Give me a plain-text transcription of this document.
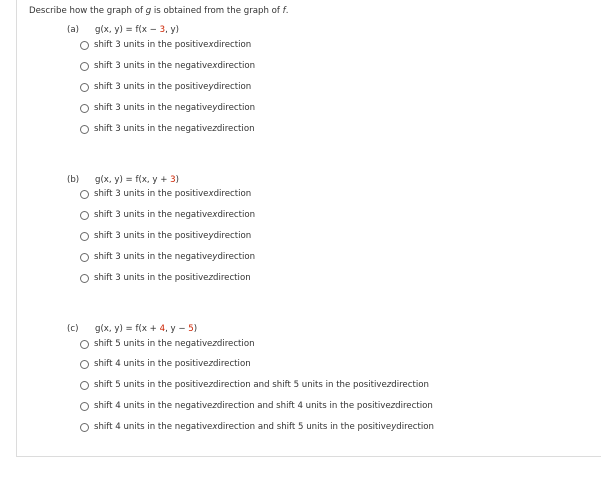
Describe how the graph of g is obtained from the graph of f.
(a) g(x, y) = f(x − 3, y)
shift 3 units in the positive x direction
shift 3 units in the negative x direction
shift 3 units in the positive y direction
shift 3 units in the negative y direction
shift 3 units in the negative z direction
(b) g(x, y) = f(x, y + 3)
shift 3 units in the positive x direction
shift 3 units in the negative x direction
shift 3 units in the positive y direction
shift 3 units in the negative y direction
shift 3 units in the positive z direction
(c) g(x, y) = f(x + 4, y − 5)
shift 5 units in the negative z direction
shift 4 units in the positive z direction
shift 5 units in the positive z direction and shift 5 units in the positive z direction
shift 4 units in the negative z direction and shift 4 units in the positive z direction
shift 4 units in the negative x direction and shift 5 units in the positive y direction
